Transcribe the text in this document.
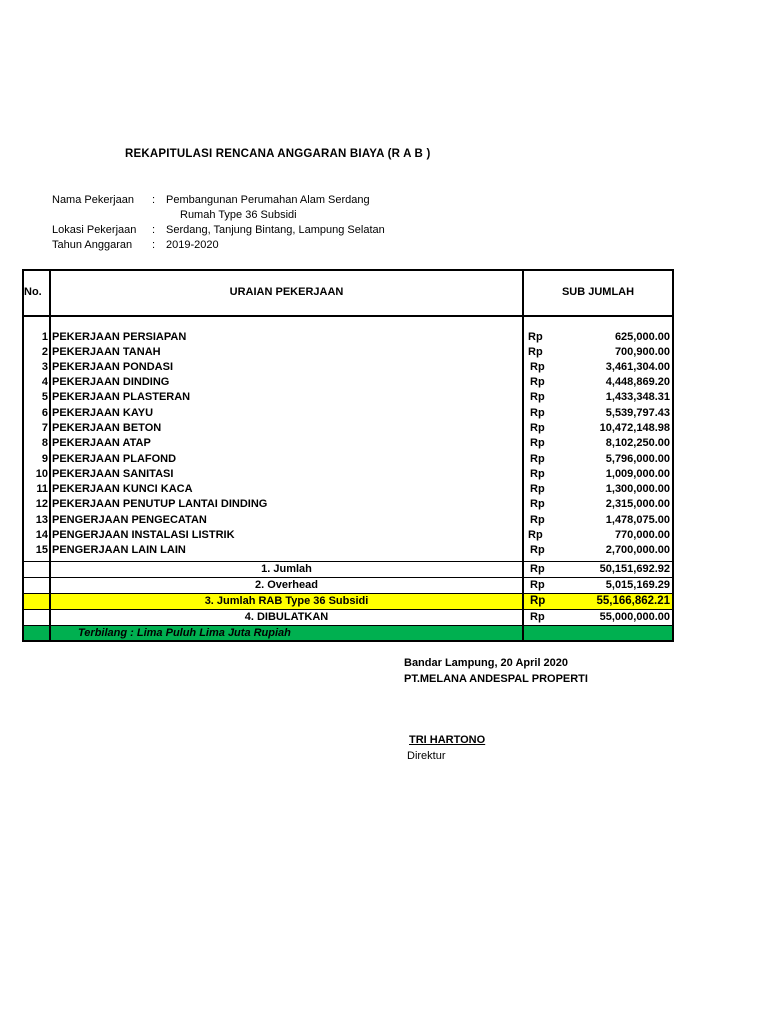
REKAPITULASI RENCANA ANGGARAN BIAYA (R A B )
Nama Pekerjaan : Pembangunan Perumahan Alam Serdang
Rumah Type 36 Subsidi
Lokasi Pekerjaan : Serdang, Tanjung Bintang, Lampung Selatan
Tahun Anggaran : 2019-2020
No.	URAIAN PEKERJAAN	SUB JUMLAH
1 PEKERJAAN PERSIAPAN	Rp	625,000.00
2 PEKERJAAN TANAH	Rp	700,900.00
3 PEKERJAAN PONDASI	Rp	3,461,304.00
4 PEKERJAAN DINDING	Rp	4,448,869.20
5 PEKERJAAN PLASTERAN	Rp	1,433,348.31
6 PEKERJAAN KAYU	Rp	5,539,797.43
7 PEKERJAAN BETON	Rp	10,472,148.98
8 PEKERJAAN ATAP	Rp	8,102,250.00
9 PEKERJAAN PLAFOND	Rp	5,796,000.00
10 PEKERJAAN SANITASI	Rp	1,009,000.00
11 PEKERJAAN KUNCI KACA	Rp	1,300,000.00
12 PEKERJAAN PENUTUP LANTAI DINDING	Rp	2,315,000.00
13 PENGERJAAN PENGECATAN	Rp	1,478,075.00
14 PENGERJAAN INSTALASI LISTRIK	Rp	770,000.00
15 PENGERJAAN LAIN LAIN	Rp	2,700,000.00
1. Jumlah	Rp	50,151,692.92
2. Overhead	Rp	5,015,169.29
3. Jumlah RAB Type 36 Subsidi	Rp	55,166,862.21
4. DIBULATKAN	Rp	55,000,000.00
Terbilang : Lima Puluh Lima Juta Rupiah
Bandar Lampung, 20 April 2020
PT.MELANA ANDESPAL PROPERTI
TRI HARTONO
Direktur
